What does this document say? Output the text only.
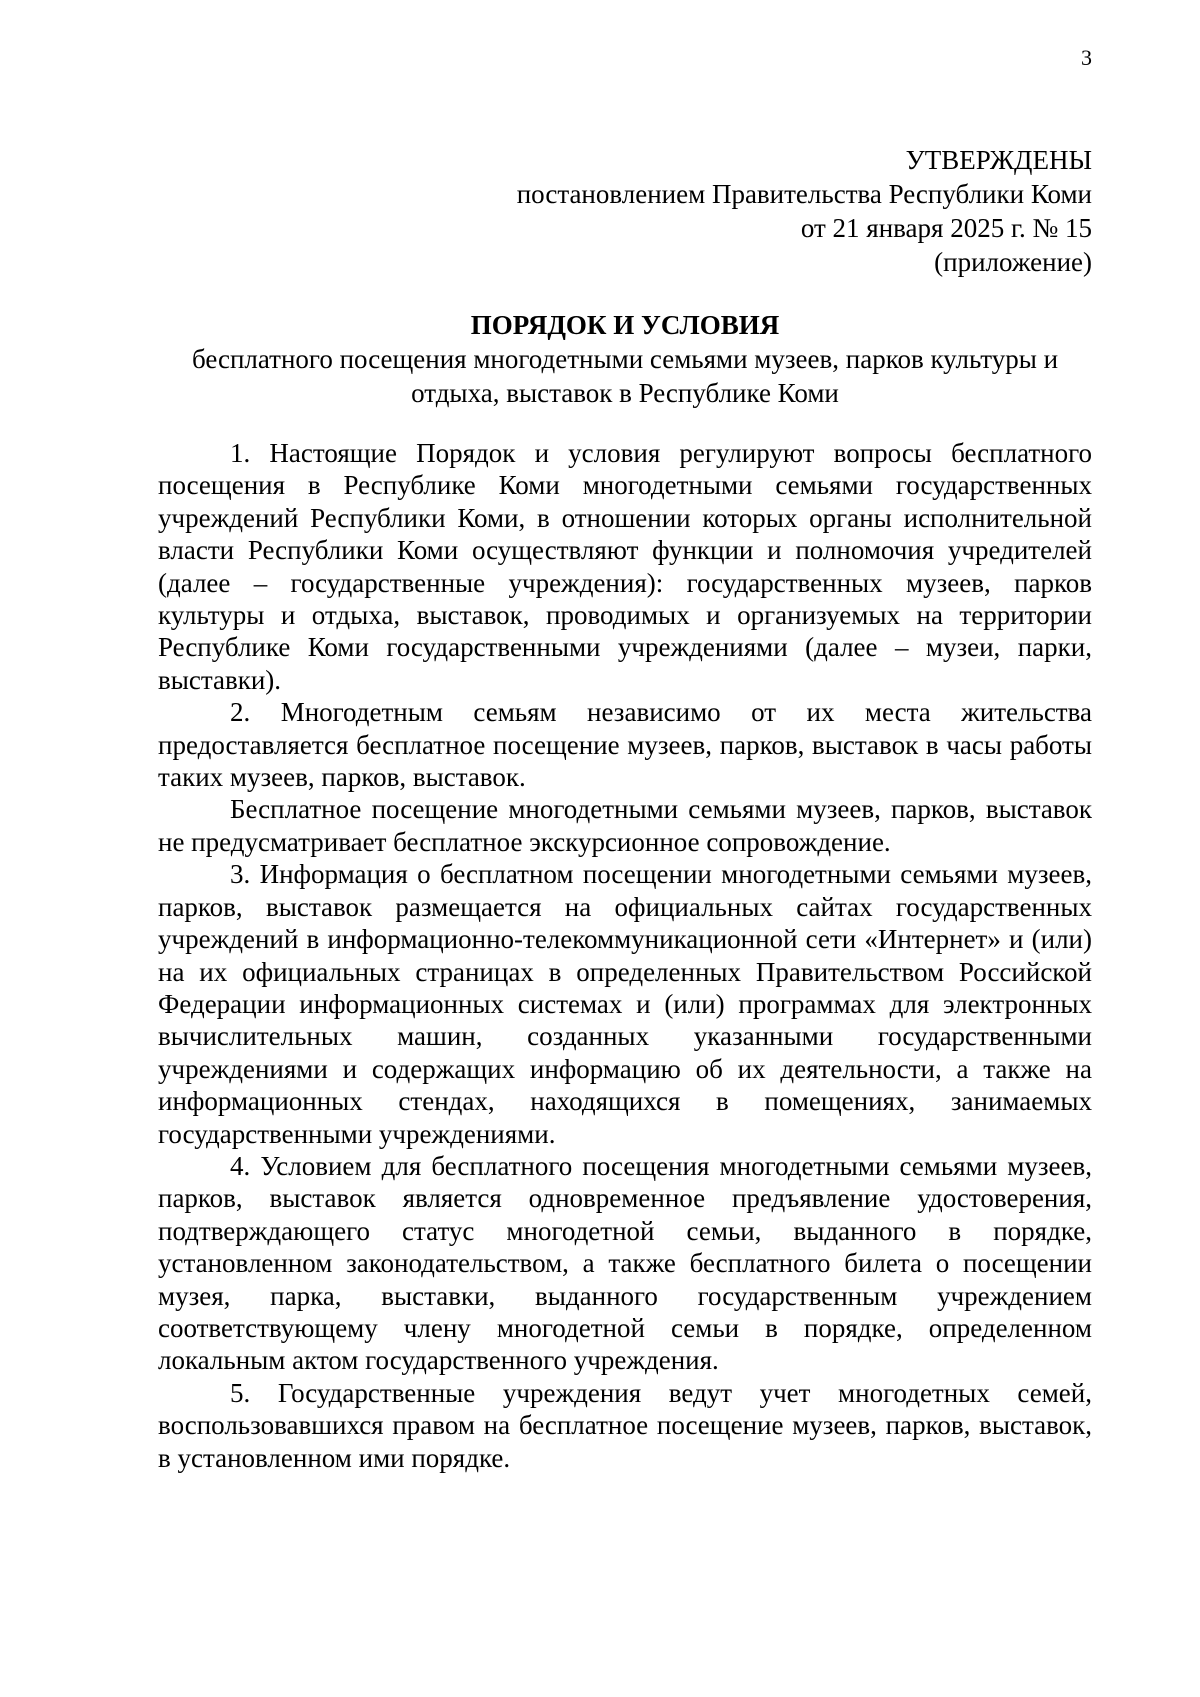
3
УТВЕРЖДЕНЫ
постановлением Правительства Республики Коми
от 21 января 2025 г. № 15
(приложение)

ПОРЯДОК И УСЛОВИЯ

бесплатного посещения многодетными семьями музеев, парков культуры и

отдыха, выставок в Республике Коми

1. Настоящие Порядок и условия регулируют вопросы бесплатного посещения в Республике Коми многодетными семьями государственных учреждений Республики Коми, в отношении которых органы исполнительной власти Республики Коми осуществляют функции и полномочия учредителей (далее – государственные учреждения): государственных музеев, парков культуры и отдыха, выставок, проводимых и организуемых на территории Республике Коми государственными учреждениями (далее – музеи, парки, выставки).

2. Многодетным семьям независимо от их места жительства предоставляется бесплатное посещение музеев, парков, выставок в часы работы таких музеев, парков, выставок.

Бесплатное посещение многодетными семьями музеев, парков, выставок не предусматривает бесплатное экскурсионное сопровождение.

3. Информация о бесплатном посещении многодетными семьями музеев, парков, выставок размещается на официальных сайтах государственных учреждений в информационно-телекоммуникационной сети «Интернет» и (или) на их официальных страницах в определенных Правительством Российской Федерации информационных системах и (или) программах для электронных вычислительных машин, созданных указанными государственными учреждениями и содержащих информацию об их деятельности, а также на информационных стендах, находящихся в помещениях, занимаемых государственными учреждениями.

4. Условием для бесплатного посещения многодетными семьями музеев, парков, выставок является одновременное предъявление удостоверения, подтверждающего статус многодетной семьи, выданного в порядке, установленном законодательством, а также бесплатного билета о посещении музея, парка, выставки, выданного государственным учреждением соответствующему члену многодетной семьи в порядке, определенном локальным актом государственного учреждения.

5. Государственные учреждения ведут учет многодетных семей, воспользовавшихся правом на бесплатное посещение музеев, парков, выставок, в установленном ими порядке.
